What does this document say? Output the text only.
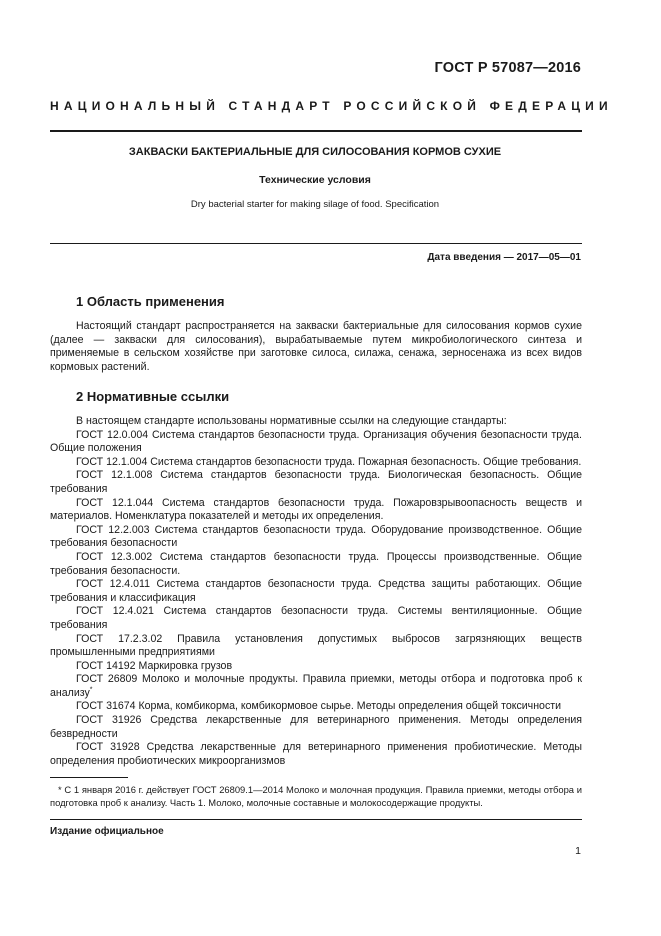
ГОСТ Р 57087—2016
НАЦИОНАЛЬНЫЙ СТАНДАРТ РОССИЙСКОЙ ФЕДЕРАЦИИ
ЗАКВАСКИ БАКТЕРИАЛЬНЫЕ ДЛЯ СИЛОСОВАНИЯ КОРМОВ СУХИЕ
Технические условия
Dry bacterial starter for making silage of food. Specification
Дата введения — 2017—05—01
1 Область применения

Настоящий стандарт распространяется на закваски бактериальные для силосования кормов сухие (далее — закваски для силосования), вырабатываемые путем микробиологического синтеза и применяемые в сельском хозяйстве при заготовке силоса, силажа, сенажа, зерносенажа из всех видов кормовых растений.

2 Нормативные ссылки

В настоящем стандарте использованы нормативные ссылки на следующие стандарты:

ГОСТ 12.0.004 Система стандартов безопасности труда. Организация обучения безопасности труда. Общие положения

ГОСТ 12.1.004 Система стандартов безопасности труда. Пожарная безопасность. Общие требования.

ГОСТ 12.1.008 Система стандартов безопасности труда. Биологическая безопасность. Общие требования

ГОСТ 12.1.044 Система стандартов безопасности труда. Пожаровзрывоопасность веществ и материалов. Номенклатура показателей и методы их определения.

ГОСТ 12.2.003 Система стандартов безопасности труда. Оборудование производственное. Общие требования безопасности

ГОСТ 12.3.002 Система стандартов безопасности труда. Процессы производственные. Общие требования безопасности.

ГОСТ 12.4.011 Система стандартов безопасности труда. Средства защиты работающих. Общие требования и классификация

ГОСТ 12.4.021 Система стандартов безопасности труда. Системы вентиляционные. Общие требования

ГОСТ 17.2.3.02 Правила установления допустимых выбросов загрязняющих веществ промышленными предприятиями

ГОСТ 14192 Маркировка грузов

ГОСТ 26809 Молоко и молочные продукты. Правила приемки, методы отбора и подготовка проб к анализу*

ГОСТ 31674 Корма, комбикорма, комбикормовое сырье. Методы определения общей токсичности

ГОСТ 31926 Средства лекарственные для ветеринарного применения. Методы определения безвредности

ГОСТ 31928 Средства лекарственные для ветеринарного применения пробиотические. Методы определения пробиотических микроорганизмов

* С 1 января 2016 г. действует ГОСТ 26809.1—2014 Молоко и молочная продукция. Правила приемки, методы отбора и подготовка проб к анализу. Часть 1. Молоко, молочные составные и молокосодержащие продукты.

Издание официальное
1
